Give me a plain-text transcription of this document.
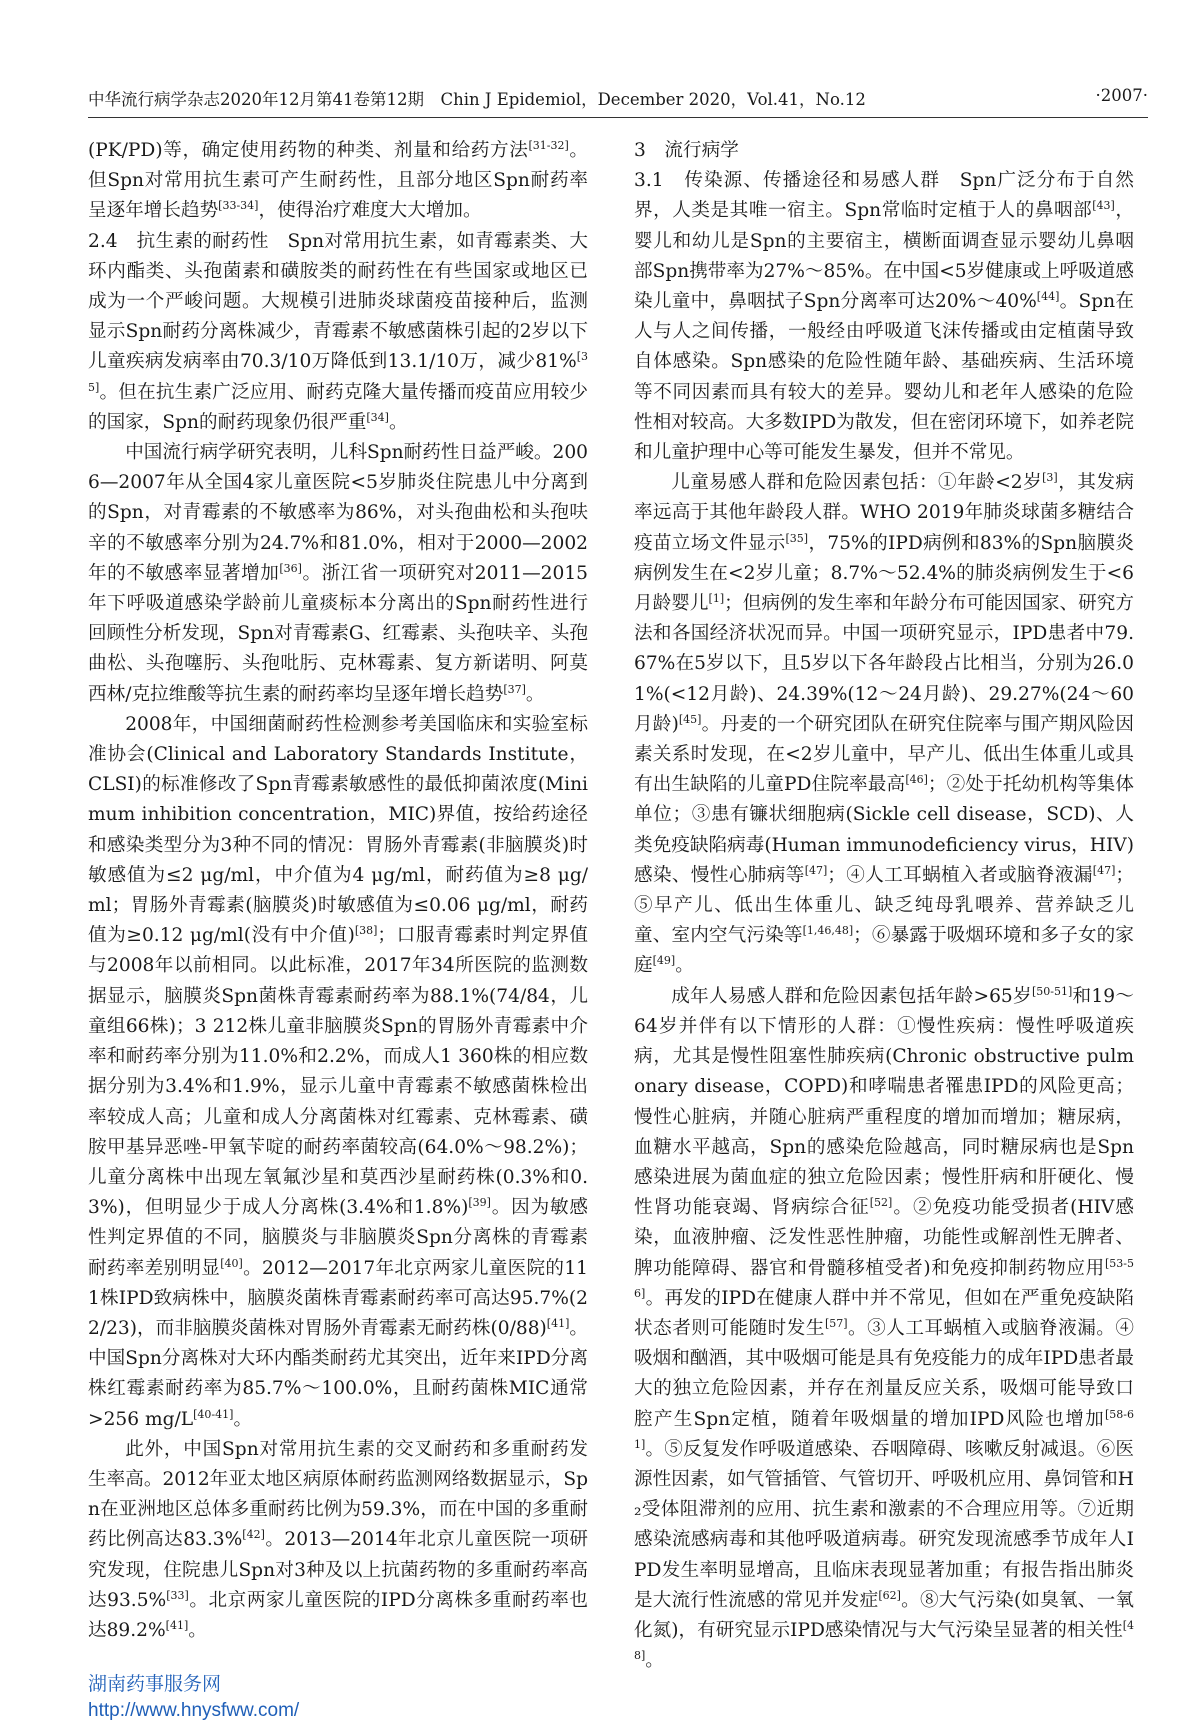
中华流行病学杂志2020年12月第41卷第12期　Chin J Epidemiol，December 2020，Vol.41，No.12	·2007·

(PK/PD)等，确定使用药物的种类、剂量和给药方法[31-32]。但Spn对常用抗生素可产生耐药性，且部分地区Spn耐药率呈逐年增长趋势[33-34]，使得治疗难度大大增加。

2.4　抗生素的耐药性　Spn对常用抗生素，如青霉素类、大环内酯类、头孢菌素和磺胺类的耐药性在有些国家或地区已成为一个严峻问题。大规模引进肺炎球菌疫苗接种后，监测显示Spn耐药分离株减少，青霉素不敏感菌株引起的2岁以下儿童疾病发病率由70.3/10万降低到13.1/10万，减少81%[35]。但在抗生素广泛应用、耐药克隆大量传播而疫苗应用较少的国家，Spn的耐药现象仍很严重[34]。

中国流行病学研究表明，儿科Spn耐药性日益严峻。2006—2007年从全国4家儿童医院<5岁肺炎住院患儿中分离到的Spn，对青霉素的不敏感率为86%，对头孢曲松和头孢呋辛的不敏感率分别为24.7%和81.0%，相对于2000—2002年的不敏感率显著增加[36]。浙江省一项研究对2011—2015年下呼吸道感染学龄前儿童痰标本分离出的Spn耐药性进行回顾性分析发现，Spn对青霉素G、红霉素、头孢呋辛、头孢曲松、头孢噻肟、头孢吡肟、克林霉素、复方新诺明、阿莫西林/克拉维酸等抗生素的耐药率均呈逐年增长趋势[37]。

2008年，中国细菌耐药性检测参考美国临床和实验室标准协会(Clinical and Laboratory Standards Institute，CLSI)的标准修改了Spn青霉素敏感性的最低抑菌浓度(Minimum inhibition concentration，MIC)界值，按给药途径和感染类型分为3种不同的情况：胃肠外青霉素(非脑膜炎)时敏感值为≤2 μg/ml，中介值为4 μg/ml，耐药值为≥8 μg/ml；胃肠外青霉素(脑膜炎)时敏感值为≤0.06 μg/ml，耐药值为≥0.12 μg/ml(没有中介值)[38]；口服青霉素时判定界值与2008年以前相同。以此标准，2017年34所医院的监测数据显示，脑膜炎Spn菌株青霉素耐药率为88.1%(74/84，儿童组66株)；3 212株儿童非脑膜炎Spn的胃肠外青霉素中介率和耐药率分别为11.0%和2.2%，而成人1 360株的相应数据分别为3.4%和1.9%，显示儿童中青霉素不敏感菌株检出率较成人高；儿童和成人分离菌株对红霉素、克林霉素、磺胺甲基异恶唑-甲氧苄啶的耐药率菌较高(64.0%～98.2%)；儿童分离株中出现左氧氟沙星和莫西沙星耐药株(0.3%和0.3%)，但明显少于成人分离株(3.4%和1.8%)[39]。因为敏感性判定界值的不同，脑膜炎与非脑膜炎Spn分离株的青霉素耐药率差别明显[40]。2012—2017年北京两家儿童医院的111株IPD致病株中，脑膜炎菌株青霉素耐药率可高达95.7%(22/23)，而非脑膜炎菌株对胃肠外青霉素无耐药株(0/88)[41]。中国Spn分离株对大环内酯类耐药尤其突出，近年来IPD分离株红霉素耐药率为85.7%～100.0%，且耐药菌株MIC通常>256 mg/L[40-41]。

此外，中国Spn对常用抗生素的交叉耐药和多重耐药发生率高。2012年亚太地区病原体耐药监测网络数据显示，Spn在亚洲地区总体多重耐药比例为59.3%，而在中国的多重耐药比例高达83.3%[42]。2013—2014年北京儿童医院一项研究发现，住院患儿Spn对3种及以上抗菌药物的多重耐药率高达93.5%[33]。北京两家儿童医院的IPD分离株多重耐药率也达89.2%[41]。

3　流行病学

3.1　传染源、传播途径和易感人群　Spn广泛分布于自然界，人类是其唯一宿主。Spn常临时定植于人的鼻咽部[43]，婴儿和幼儿是Spn的主要宿主，横断面调查显示婴幼儿鼻咽部Spn携带率为27%～85%。在中国<5岁健康或上呼吸道感染儿童中，鼻咽拭子Spn分离率可达20%～40%[44]。Spn在人与人之间传播，一般经由呼吸道飞沫传播或由定植菌导致自体感染。Spn感染的危险性随年龄、基础疾病、生活环境等不同因素而具有较大的差异。婴幼儿和老年人感染的危险性相对较高。大多数IPD为散发，但在密闭环境下，如养老院和儿童护理中心等可能发生暴发，但并不常见。

儿童易感人群和危险因素包括：①年龄<2岁[3]，其发病率远高于其他年龄段人群。WHO 2019年肺炎球菌多糖结合疫苗立场文件显示[35]，75%的IPD病例和83%的Spn脑膜炎病例发生在<2岁儿童；8.7%～52.4%的肺炎病例发生于<6月龄婴儿[1]；但病例的发生率和年龄分布可能因国家、研究方法和各国经济状况而异。中国一项研究显示，IPD患者中79.67%在5岁以下，且5岁以下各年龄段占比相当，分别为26.01%(<12月龄)、24.39%(12～24月龄)、29.27%(24～60月龄)[45]。丹麦的一个研究团队在研究住院率与围产期风险因素关系时发现，在<2岁儿童中，早产儿、低出生体重儿或具有出生缺陷的儿童PD住院率最高[46]；②处于托幼机构等集体单位；③患有镰状细胞病(Sickle cell disease，SCD)、人类免疫缺陷病毒(Human immunodeficiency virus，HIV)感染、慢性心肺病等[47]；④人工耳蜗植入者或脑脊液漏[47]；⑤早产儿、低出生体重儿、缺乏纯母乳喂养、营养缺乏儿童、室内空气污染等[1,46,48]；⑥暴露于吸烟环境和多子女的家庭[49]。

成年人易感人群和危险因素包括年龄>65岁[50-51]和19～64岁并伴有以下情形的人群：①慢性疾病：慢性呼吸道疾病，尤其是慢性阻塞性肺疾病(Chronic obstructive pulmonary disease，COPD)和哮喘患者罹患IPD的风险更高；慢性心脏病，并随心脏病严重程度的增加而增加；糖尿病，血糖水平越高，Spn的感染危险越高，同时糖尿病也是Spn感染进展为菌血症的独立危险因素；慢性肝病和肝硬化、慢性肾功能衰竭、肾病综合征[52]。②免疫功能受损者(HIV感染，血液肿瘤、泛发性恶性肿瘤，功能性或解剖性无脾者、脾功能障碍、器官和骨髓移植受者)和免疫抑制药物应用[53-56]。再发的IPD在健康人群中并不常见，但如在严重免疫缺陷状态者则可能随时发生[57]。③人工耳蜗植入或脑脊液漏。④吸烟和酗酒，其中吸烟可能是具有免疫能力的成年IPD患者最大的独立危险因素，并存在剂量反应关系，吸烟可能导致口腔产生Spn定植，随着年吸烟量的增加IPD风险也增加[58-61]。⑤反复发作呼吸道感染、吞咽障碍、咳嗽反射减退。⑥医源性因素，如气管插管、气管切开、呼吸机应用、鼻饲管和H₂受体阻滞剂的应用、抗生素和激素的不合理应用等。⑦近期感染流感病毒和其他呼吸道病毒。研究发现流感季节成年人IPD发生率明显增高，且临床表现显著加重；有报告指出肺炎是大流行性流感的常见并发症[62]。⑧大气污染(如臭氧、一氧化氮)，有研究显示IPD感染情况与大气污染呈显著的相关性[48]。

湖南药事服务网
http://www.hnysfww.com/
